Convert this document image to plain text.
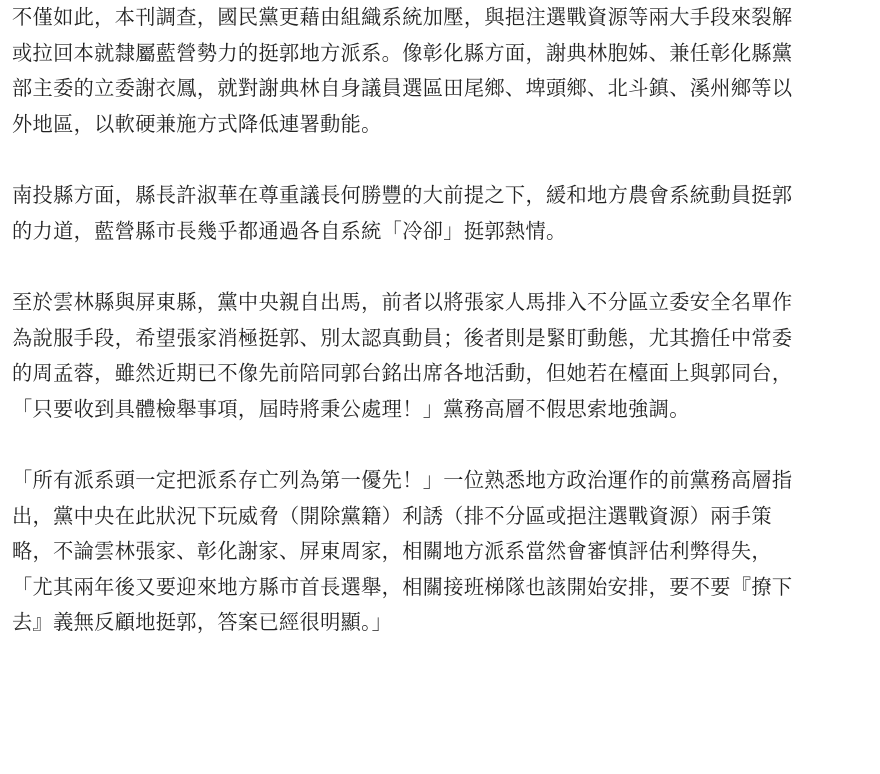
不僅如此，本刊調查，國民黨更藉由組織系統加壓，與挹注選戰資源等兩大手段來裂解
或拉回本就隸屬藍營勢力的挺郭地方派系。像彰化縣方面，謝典林胞姊、兼任彰化縣黨
部主委的立委謝衣鳳，就對謝典林自身議員選區田尾鄉、埤頭鄉、北斗鎮、溪州鄉等以
外地區，以軟硬兼施方式降低連署動能。

南投縣方面，縣長許淑華在尊重議長何勝豐的大前提之下，緩和地方農會系統動員挺郭
的力道，藍營縣市長幾乎都通過各自系統「冷卻」挺郭熱情。

至於雲林縣與屏東縣，黨中央親自出馬，前者以將張家人馬排入不分區立委安全名單作
為說服手段，希望張家消極挺郭、別太認真動員；後者則是緊盯動態，尤其擔任中常委
的周孟蓉，雖然近期已不像先前陪同郭台銘出席各地活動，但她若在檯面上與郭同台，
「只要收到具體檢舉事項，屆時將秉公處理！」黨務高層不假思索地強調。

「所有派系頭一定把派系存亡列為第一優先！」一位熟悉地方政治運作的前黨務高層指
出，黨中央在此狀況下玩威脅（開除黨籍）利誘（排不分區或挹注選戰資源）兩手策
略，不論雲林張家、彰化謝家、屏東周家，相關地方派系當然會審慎評估利弊得失，
「尤其兩年後又要迎來地方縣市首長選舉，相關接班梯隊也該開始安排，要不要『撩下
去』義無反顧地挺郭，答案已經很明顯。」
